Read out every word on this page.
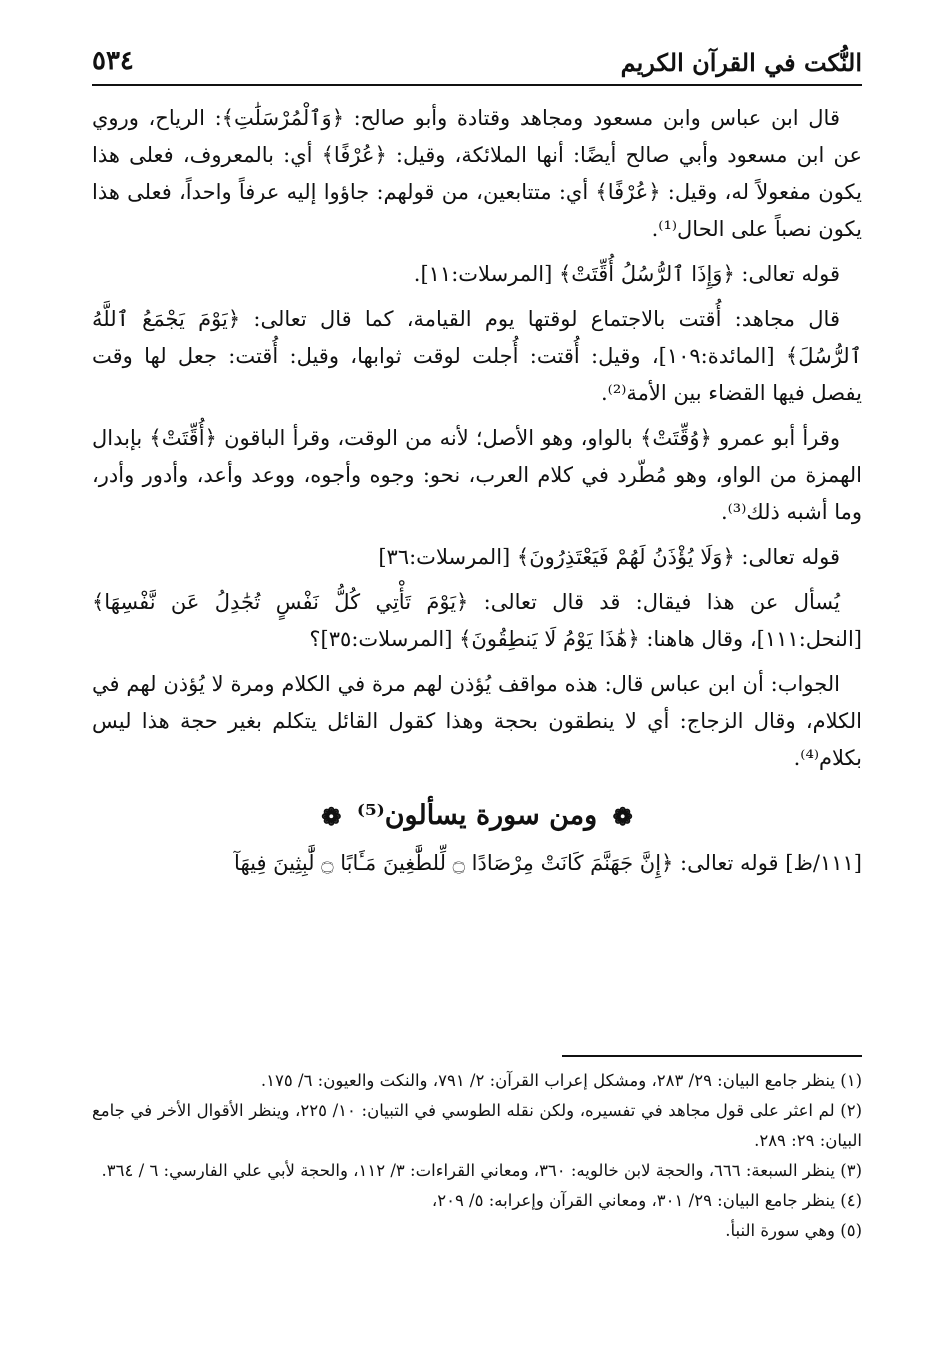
النُّكت في القرآن الكريم
٥٣٤

قال ابن عباس وابن مسعود ومجاهد وقتادة وأبو صالح: ﴿وَٱلْمُرْسَلَٰتِ﴾: الرياح، وروي عن ابن مسعود وأبي صالح أيضًا: أنها الملائكة، وقيل: ﴿عُرْفًا﴾ أي: بالمعروف، فعلى هذا يكون مفعولاً له، وقيل: ﴿عُرْفًا﴾ أي: متتابعين، من قولهم: جاؤوا إليه عرفاً واحداً، فعلى هذا يكون نصباً على الحال⁽¹⁾.

قوله تعالى: ﴿وَإِذَا ٱلرُّسُلُ أُقِّتَتْ﴾ [المرسلات:١١].

قال مجاهد: أُقتت بالاجتماع لوقتها يوم القيامة، كما قال تعالى: ﴿يَوْمَ يَجْمَعُ ٱللَّهُ ٱلرُّسُلَ﴾ [المائدة:١٠٩]، وقيل: أُقتت: أُجلت لوقت ثوابها، وقيل: أُقتت: جعل لها وقت يفصل فيها القضاء بين الأمة⁽²⁾.

وقرأ أبو عمرو ﴿وُقِّتَتْ﴾ بالواو، وهو الأصل؛ لأنه من الوقت، وقرأ الباقون ﴿أُقِّتَتْ﴾ بإبدال الهمزة من الواو، وهو مُطّرد في كلام العرب، نحو: وجوه وأجوه، ووعد وأعد، وأدور وأدر، وما أشبه ذلك⁽³⁾.

قوله تعالى: ﴿وَلَا يُؤْذَنُ لَهُمْ فَيَعْتَذِرُونَ﴾ [المرسلات:٣٦]

يُسأل عن هذا فيقال: قد قال تعالى: ﴿يَوْمَ تَأْتِي كُلُّ نَفْسٍ تُجَٰدِلُ عَن نَّفْسِهَا﴾ [النحل:١١١]، وقال هاهنا: ﴿هَٰذَا يَوْمُ لَا يَنطِقُونَ﴾ [المرسلات:٣٥]؟

الجواب: أن ابن عباس قال: هذه مواقف يُؤذن لهم مرة في الكلام ومرة لا يُؤذن لهم في الكلام، وقال الزجاج: أي لا ينطقون بحجة وهذا كقول القائل يتكلم بغير حجة هذا ليس بكلام⁽⁴⁾.

❁ ومن سورة يسألون⁽⁵⁾ ❁

[١١١/ظ] قوله تعالى: ﴿إِنَّ جَهَنَّمَ كَانَتْ مِرْصَادًا ۝ لِّلطَّٰغِينَ مَـَٔابًا ۝ لَّٰبِثِينَ فِيهَآ

(١) ينظر جامع البيان: ٢٩/ ٢٨٣، ومشكل إعراب القرآن: ٢/ ٧٩١، والنكت والعيون: ٦/ ١٧٥.

(٢) لم اعثر على قول مجاهد في تفسيره، ولكن نقله الطوسي في التبيان: ١٠/ ٢٢٥، وينظر الأقوال الأخر في جامع البيان: ٢٩: ٢٨٩.

(٣) ينظر السبعة: ٦٦٦، والحجة لابن خالويه: ٣٦٠، ومعاني القراءات: ٣/ ١١٢، والحجة لأبي علي الفارسي: ٦ / ٣٦٤.

(٤) ينظر جامع البيان: ٢٩/ ٣٠١، ومعاني القرآن وإعرابه: ٥/ ٢٠٩،

(٥) وهي سورة النبأ.
